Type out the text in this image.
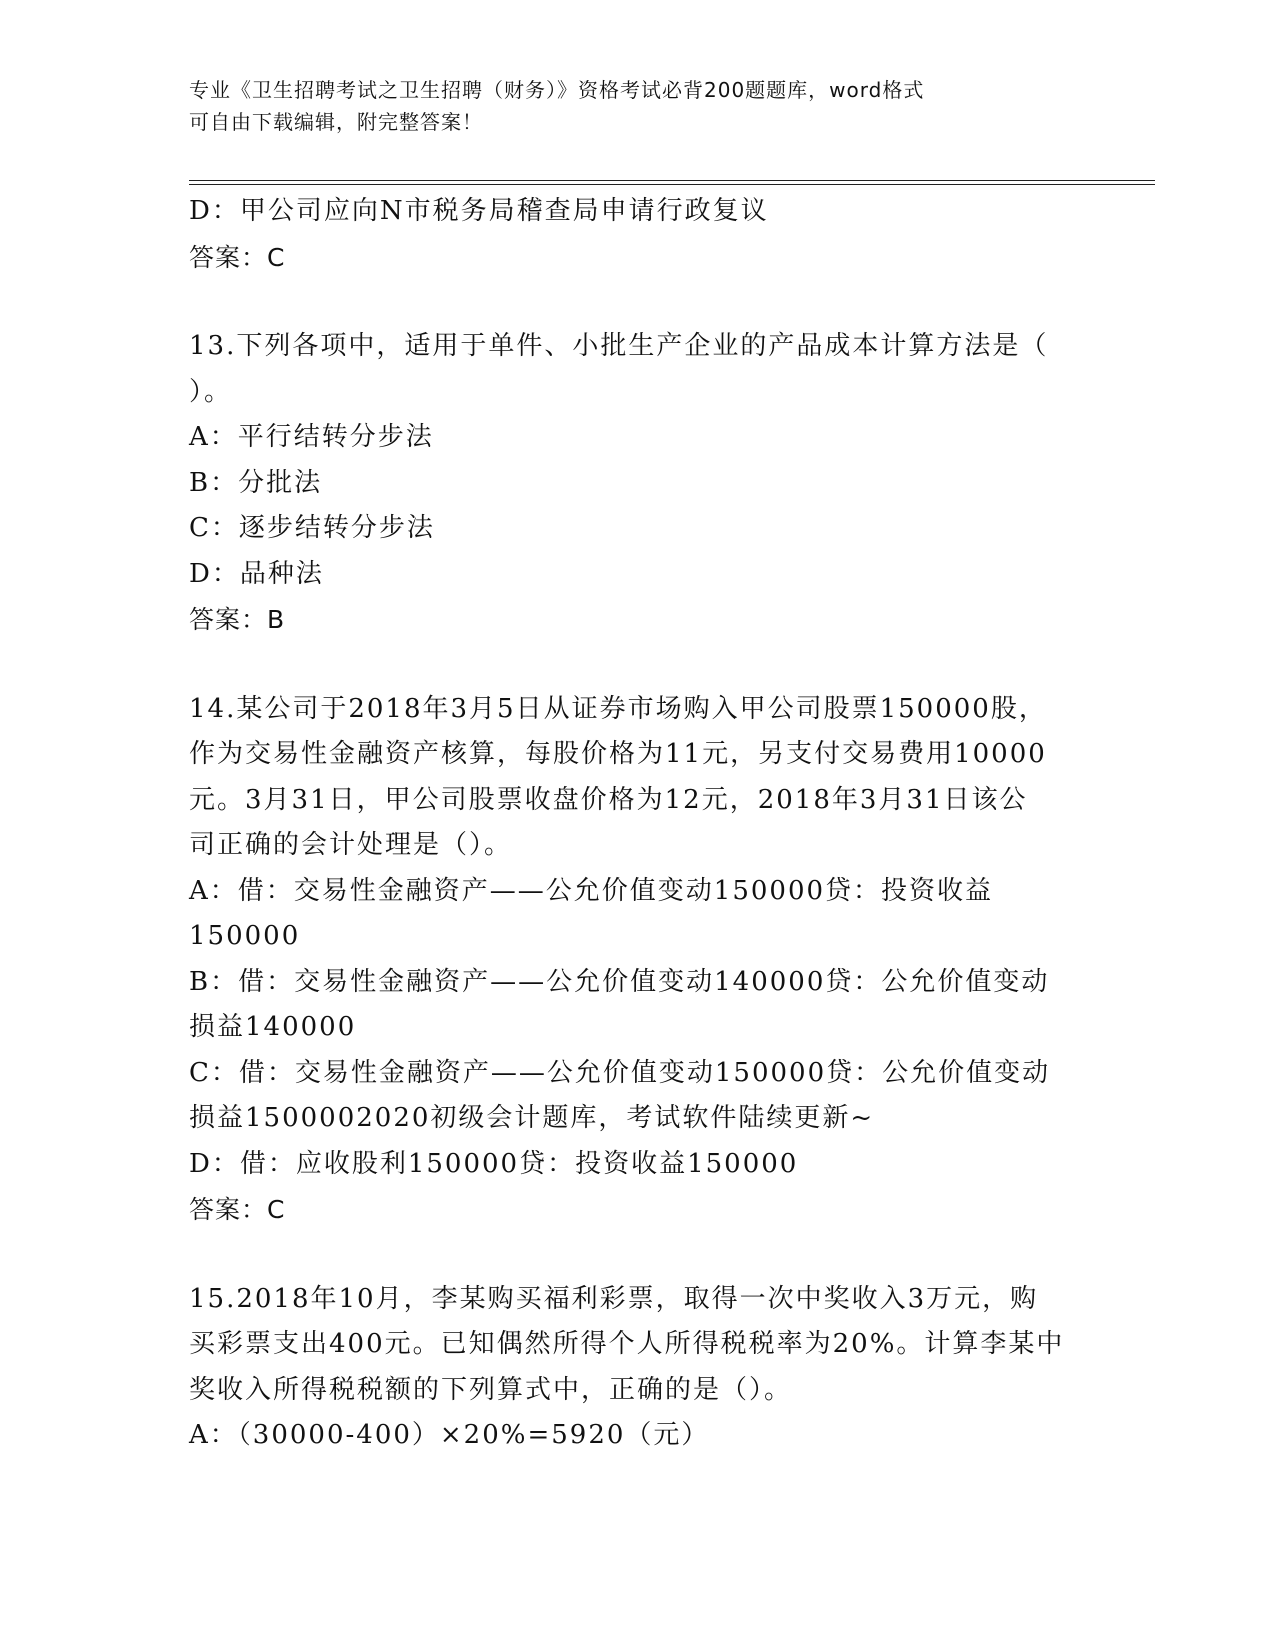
专业《卫生招聘考试之卫生招聘（财务）》资格考试必背200题题库，word格式
可自由下载编辑，附完整答案！
D：甲公司应向N市税务局稽查局申请行政复议
答案：C
13.下列各项中，适用于单件、小批生产企业的产品成本计算方法是（
）。
A：平行结转分步法
B：分批法
C：逐步结转分步法
D：品种法
答案：B
14.某公司于2018年3月5日从证券市场购入甲公司股票150000股，
作为交易性金融资产核算，每股价格为11元，另支付交易费用10000
元。3月31日，甲公司股票收盘价格为12元，2018年3月31日该公
司正确的会计处理是（）。
A：借：交易性金融资产——公允价值变动150000贷：投资收益
150000
B：借：交易性金融资产——公允价值变动140000贷：公允价值变动
损益140000
C：借：交易性金融资产——公允价值变动150000贷：公允价值变动
损益1500002020初级会计题库，考试软件陆续更新~
D：借：应收股利150000贷：投资收益150000
答案：C
15.2018年10月，李某购买福利彩票，取得一次中奖收入3万元，购
买彩票支出400元。已知偶然所得个人所得税税率为20%。计算李某中
奖收入所得税税额的下列算式中，正确的是（）。
A：（30000-400）×20%=5920（元）
